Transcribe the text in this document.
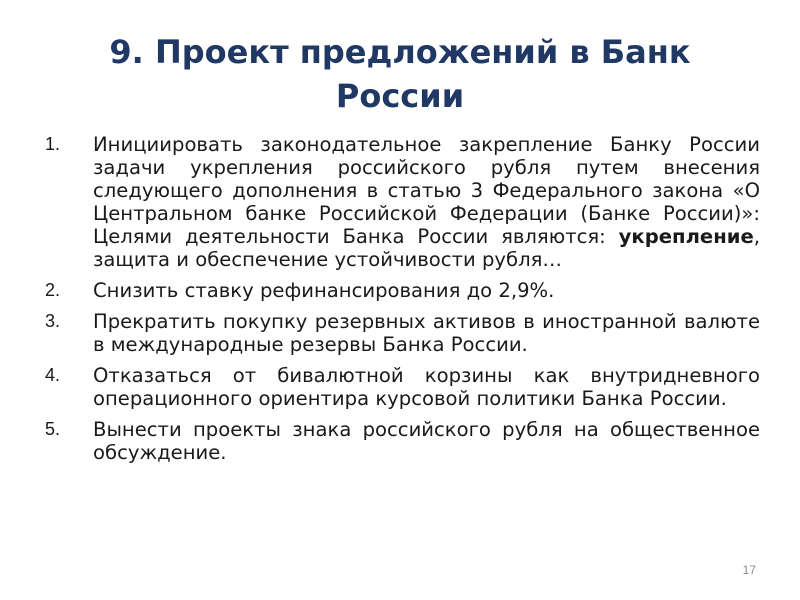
9. Проект предложений в Банк
России
1.	Инициировать законодательное закрепление Банку России задачи укрепления российского рубля путем внесения следующего дополнения в статью 3 Федерального закона «О Центральном банке Российской Федерации (Банке России)»: Целями деятельности Банка России являются: укрепление, защита и обеспечение устойчивости рубля…
2.	Снизить ставку рефинансирования до 2,9%.
3.	Прекратить покупку резервных активов в иностранной валюте в международные резервы Банка России.
4.	Отказаться от бивалютной корзины как внутридневного операционного ориентира курсовой политики Банка России.
5.	Вынести проекты знака российского рубля на общественное обсуждение.
17
